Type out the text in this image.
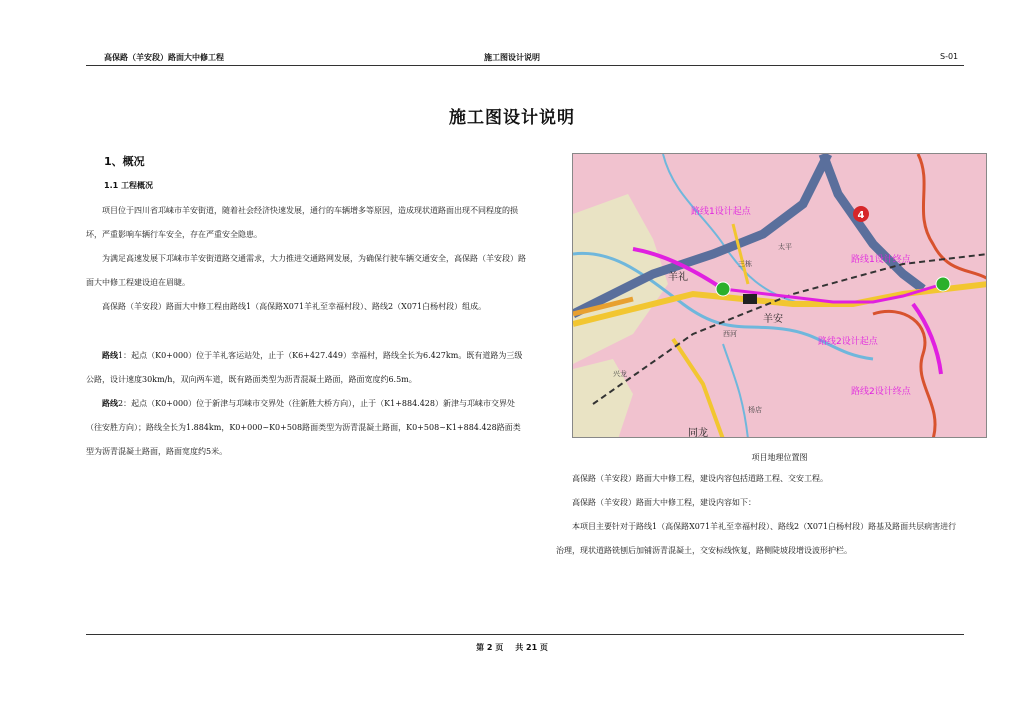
高保路（羊安段）路面大中修工程	施工图设计说明	S-01
施工图设计说明
1、概况
1.1 工程概况

项目位于四川省邛崃市羊安街道，随着社会经济快速发展，通行的车辆增多等原因，造成现状道路面出现不同程度的损坏，严重影响车辆行车安全，存在严重安全隐患。

为满足高速发展下邛崃市羊安街道路交通需求，大力推进交通路网发展，为确保行驶车辆交通安全，高保路（羊安段）路面大中修工程建设迫在眉睫。

高保路（羊安段）路面大中修工程由路线1（高保路X071羊礼至幸福村段）、路线2（X071白杨村段）组成。

路线1：起点（K0+000）位于羊礼客运站处，止于（K6+427.449）幸福村，路线全长为6.427km。既有道路为三级公路，设计速度30km/h，双向两车道，既有路面类型为沥青混凝土路面，路面宽度约6.5m。

路线2：起点（K0+000）位于新津与邛崃市交界处（往新胜大桥方向），止于（K1+884.428）新津与邛崃市交界处（往安胜方向）；路线全长为1.884km，K0+000~K0+508路面类型为沥青混凝土路面，K0+508~K1+884.428路面类型为沥青混凝土路面，路面宽度约5米。

4
路线1设计起点
路线1设计终点
路线2设计起点
路线2设计终点
羊礼
羊安
同龙
三栋
太平
兴龙
杨店
西河
项目地理位置图

高保路（羊安段）路面大中修工程，建设内容包括道路工程、交安工程。

高保路（羊安段）路面大中修工程，建设内容如下：

本项目主要针对于路线1（高保路X071羊礼至幸福村段）、路线2（X071白杨村段）路基及路面共层病害进行治理，现状道路铣刨后加铺沥青混凝土，交安标线恢复，路侧陡坡段增设波形护栏。

第 2 页 共 21 页
